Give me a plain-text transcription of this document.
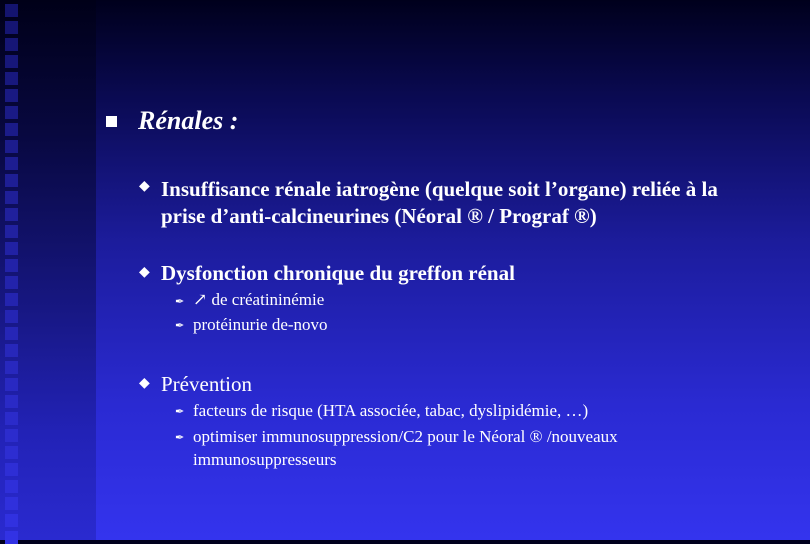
Rénales :
◆ Insuffisance rénale iatrogène (quelque soit l’organe) reliée à la
prise d’anti-calcineurines (Néoral ® / Prograf ®)
◆ Dysfonction chronique du greffon rénal
✒ ↗ de créatininémie
✒ protéinurie de-novo
◆ Prévention
✒ facteurs de risque (HTA associée, tabac, dyslipidémie, …)
✒ optimiser immunosuppression/C2 pour le Néoral ® /nouveaux
immunosuppresseurs
